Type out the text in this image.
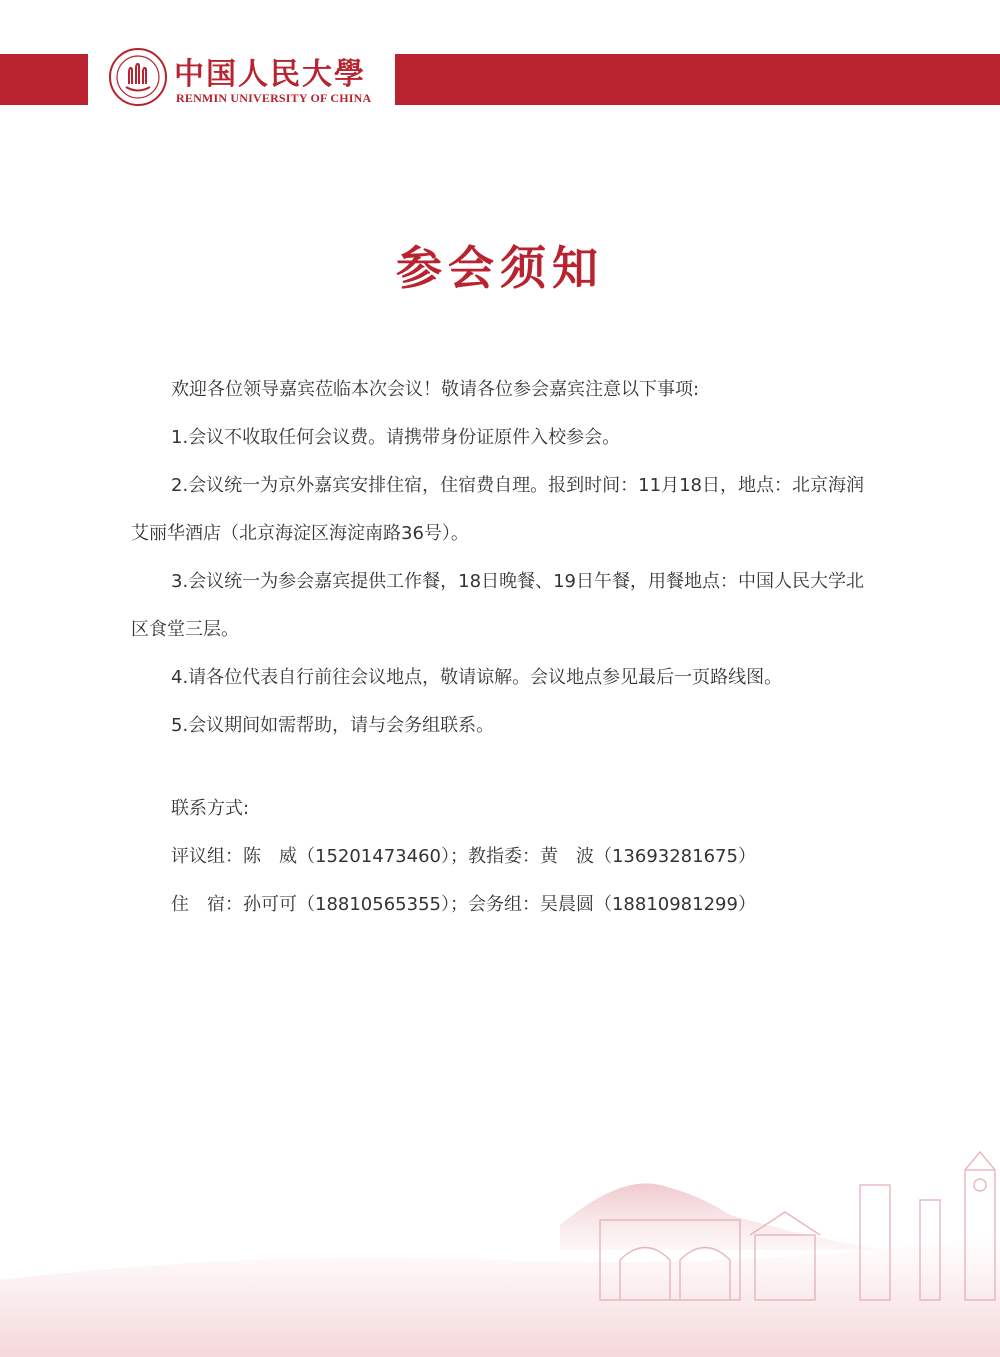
中国人民大學
RENMIN UNIVERSITY OF CHINA
参会须知

欢迎各位领导嘉宾莅临本次会议！敬请各位参会嘉宾注意以下事项:

1.会议不收取任何会议费。请携带身份证原件入校参会。

2.会议统一为京外嘉宾安排住宿，住宿费自理。报到时间：11月18日，地点：北京海润艾丽华酒店（北京海淀区海淀南路36号）。

3.会议统一为参会嘉宾提供工作餐，18日晚餐、19日午餐，用餐地点：中国人民大学北区食堂三层。

4.请各位代表自行前往会议地点，敬请谅解。会议地点参见最后一页路线图。

5.会议期间如需帮助，请与会务组联系。

联系方式:
评议组：陈　威（15201473460）；教指委：黄　波（13693281675）
住　宿：孙可可（18810565355）；会务组：吴晨圆（18810981299）
